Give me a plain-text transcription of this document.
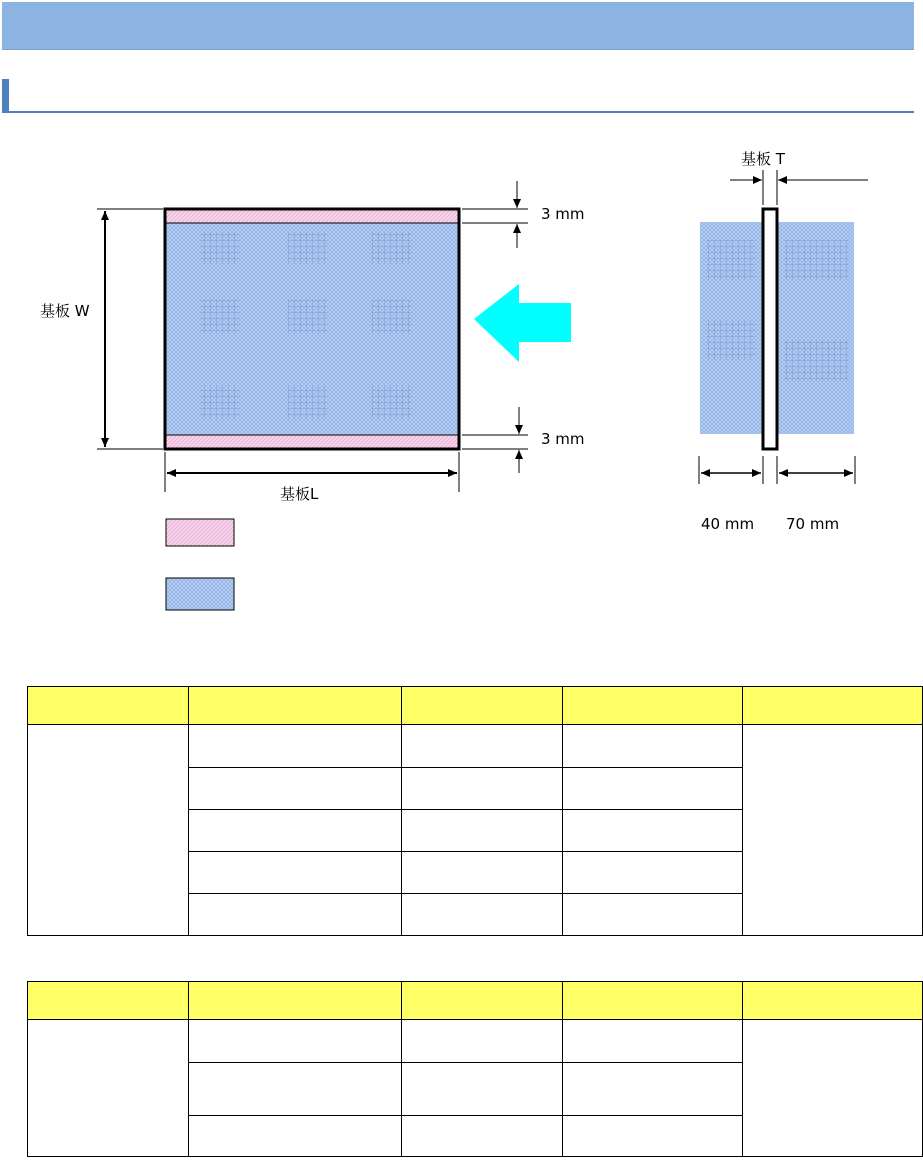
基板 W
基板L
3 mm
3 mm
基板 T
40 mm 70 mm
